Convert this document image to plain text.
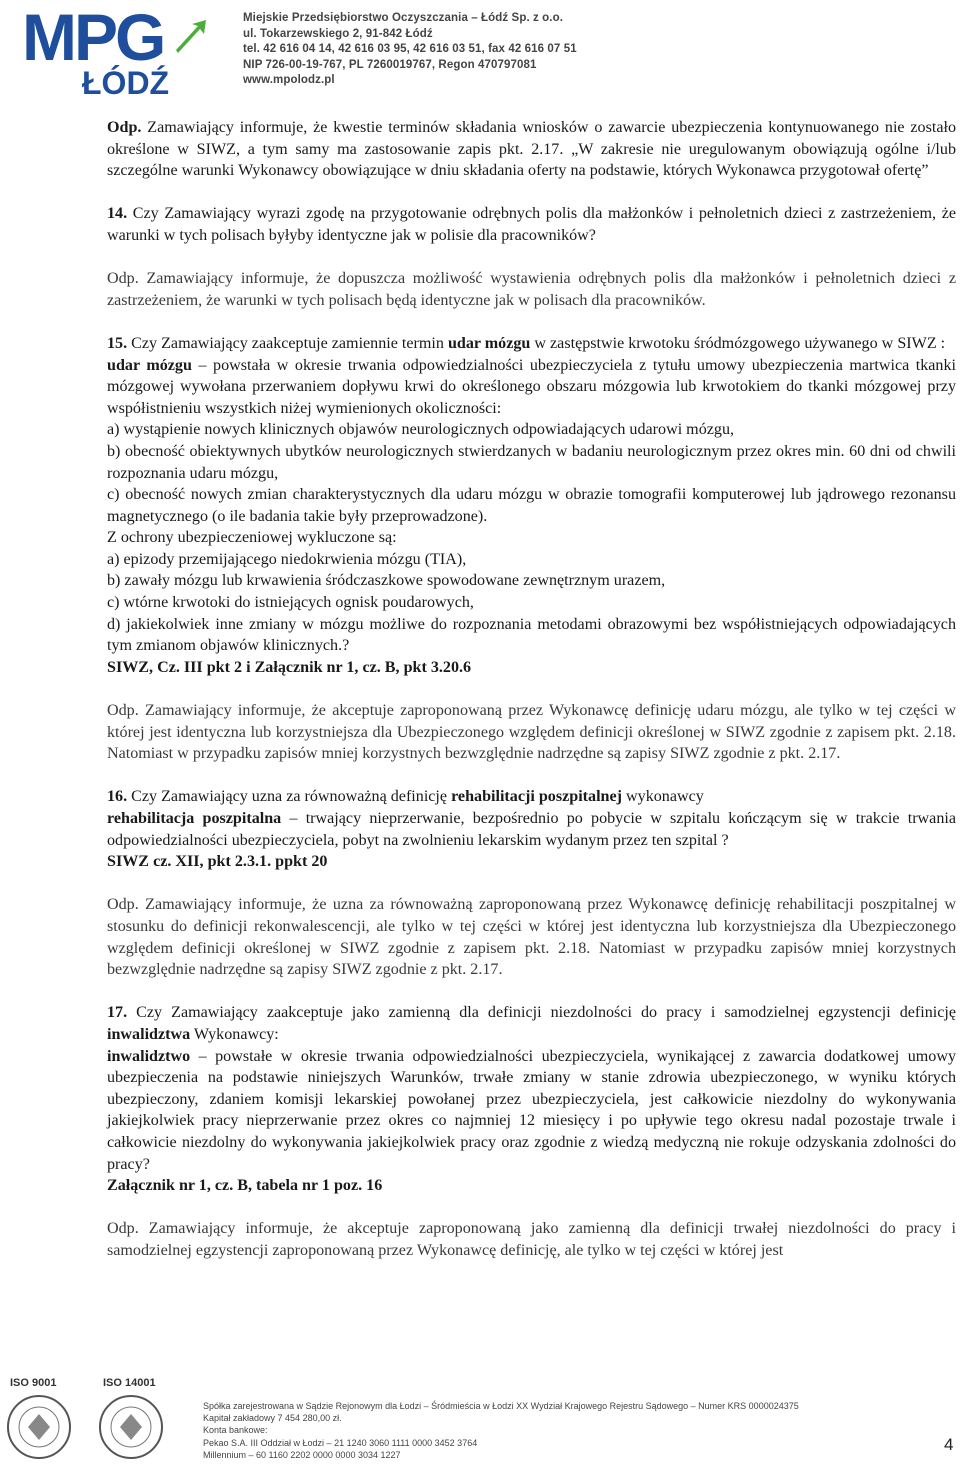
MPG
ŁÓDŹ
Miejskie Przedsiębiorstwo Oczyszczania – Łódź Sp. z o.o.
ul. Tokarzewskiego 2, 91-842 Łódź
tel. 42 616 04 14, 42 616 03 95, 42 616 03 51, fax 42 616 07 51
NIP 726-00-19-767, PL 7260019767, Regon 470797081
www.mpolodz.pl

Odp. Zamawiający informuje, że kwestie terminów składania wniosków o zawarcie ubezpieczenia kontynuowanego nie zostało określone w SIWZ, a tym samy ma zastosowanie zapis pkt. 2.17. „W zakresie nie uregulowanym obowiązują ogólne i/lub szczególne warunki Wykonawcy obowiązujące w dniu składania oferty na podstawie, których Wykonawca przygotował ofertę”

14. Czy Zamawiający wyrazi zgodę na przygotowanie odrębnych polis dla małżonków i pełnoletnich dzieci z zastrzeżeniem, że warunki w tych polisach byłyby identyczne jak w polisie dla pracowników?

Odp. Zamawiający informuje, że dopuszcza możliwość wystawienia odrębnych polis dla małżonków i pełnoletnich dzieci z zastrzeżeniem, że warunki w tych polisach będą identyczne jak w polisach dla pracowników.

15. Czy Zamawiający zaakceptuje zamiennie termin udar mózgu w zastępstwie krwotoku śródmózgowego używanego w SIWZ :

udar mózgu – powstała w okresie trwania odpowiedzialności ubezpieczyciela z tytułu umowy ubezpieczenia martwica tkanki mózgowej wywołana przerwaniem dopływu krwi do określonego obszaru mózgowia lub krwotokiem do tkanki mózgowej przy współistnieniu wszystkich niżej wymienionych okoliczności:

a) wystąpienie nowych klinicznych objawów neurologicznych odpowiadających udarowi mózgu,

b) obecność obiektywnych ubytków neurologicznych stwierdzanych w badaniu neurologicznym przez okres min. 60 dni od chwili rozpoznania udaru mózgu,

c) obecność nowych zmian charakterystycznych dla udaru mózgu w obrazie tomografii komputerowej lub jądrowego rezonansu magnetycznego (o ile badania takie były przeprowadzone).

Z ochrony ubezpieczeniowej wykluczone są:

a) epizody przemijającego niedokrwienia mózgu (TIA),

b) zawały mózgu lub krwawienia śródczaszkowe spowodowane zewnętrznym urazem,

c) wtórne krwotoki do istniejących ognisk poudarowych,

d) jakiekolwiek inne zmiany w mózgu możliwe do rozpoznania metodami obrazowymi bez współistniejących odpowiadających tym zmianom objawów klinicznych.?

SIWZ, Cz. III pkt 2 i Załącznik nr 1, cz. B, pkt 3.20.6

Odp. Zamawiający informuje, że akceptuje zaproponowaną przez Wykonawcę definicję udaru mózgu, ale tylko w tej części w której jest identyczna lub korzystniejsza dla Ubezpieczonego względem definicji określonej w SIWZ zgodnie z zapisem pkt. 2.18. Natomiast w przypadku zapisów mniej korzystnych bezwzględnie nadrzędne są zapisy SIWZ zgodnie z pkt. 2.17.

16. Czy Zamawiający uzna za równoważną definicję rehabilitacji poszpitalnej wykonawcy

rehabilitacja poszpitalna – trwający nieprzerwanie, bezpośrednio po pobycie w szpitalu kończącym się w trakcie trwania odpowiedzialności ubezpieczyciela, pobyt na zwolnieniu lekarskim wydanym przez ten szpital ?

SIWZ cz. XII, pkt 2.3.1. ppkt 20

Odp. Zamawiający informuje, że uzna za równoważną zaproponowaną przez Wykonawcę definicję rehabilitacji poszpitalnej w stosunku do definicji rekonwalescencji, ale tylko w tej części w której jest identyczna lub korzystniejsza dla Ubezpieczonego względem definicji określonej w SIWZ zgodnie z zapisem pkt. 2.18. Natomiast w przypadku zapisów mniej korzystnych bezwzględnie nadrzędne są zapisy SIWZ zgodnie z pkt. 2.17.

17. Czy Zamawiający zaakceptuje jako zamienną dla definicji niezdolności do pracy i samodzielnej egzystencji definicję inwalidztwa Wykonawcy:

inwalidztwo – powstałe w okresie trwania odpowiedzialności ubezpieczyciela, wynikającej z zawarcia dodatkowej umowy ubezpieczenia na podstawie niniejszych Warunków, trwałe zmiany w stanie zdrowia ubezpieczonego, w wyniku których ubezpieczony, zdaniem komisji lekarskiej powołanej przez ubezpieczyciela, jest całkowicie niezdolny do wykonywania jakiejkolwiek pracy nieprzerwanie przez okres co najmniej 12 miesięcy i po upływie tego okresu nadal pozostaje trwale i całkowicie niezdolny do wykonywania jakiejkolwiek pracy oraz zgodnie z wiedzą medyczną nie rokuje odzyskania zdolności do pracy?

Załącznik nr 1, cz. B, tabela nr 1 poz. 16

Odp. Zamawiający informuje, że akceptuje zaproponowaną jako zamienną dla definicji trwałej niezdolności do pracy i samodzielnej egzystencji zaproponowaną przez Wykonawcę definicję, ale tylko w tej części w której jest

ISO 9001	ISO 14001
Spółka zarejestrowana w Sądzie Rejonowym dla Łodzi – Śródmieścia w Łodzi XX Wydział Krajowego Rejestru Sądowego – Numer KRS 0000024375
Kapitał zakładowy 7 454 280,00 zł.
Konta bankowe:
Pekao S.A. III Oddział w Łodzi – 21 1240 3060 1111 0000 3452 3764
Millennium – 60 1160 2202 0000 0000 3034 1227
4
